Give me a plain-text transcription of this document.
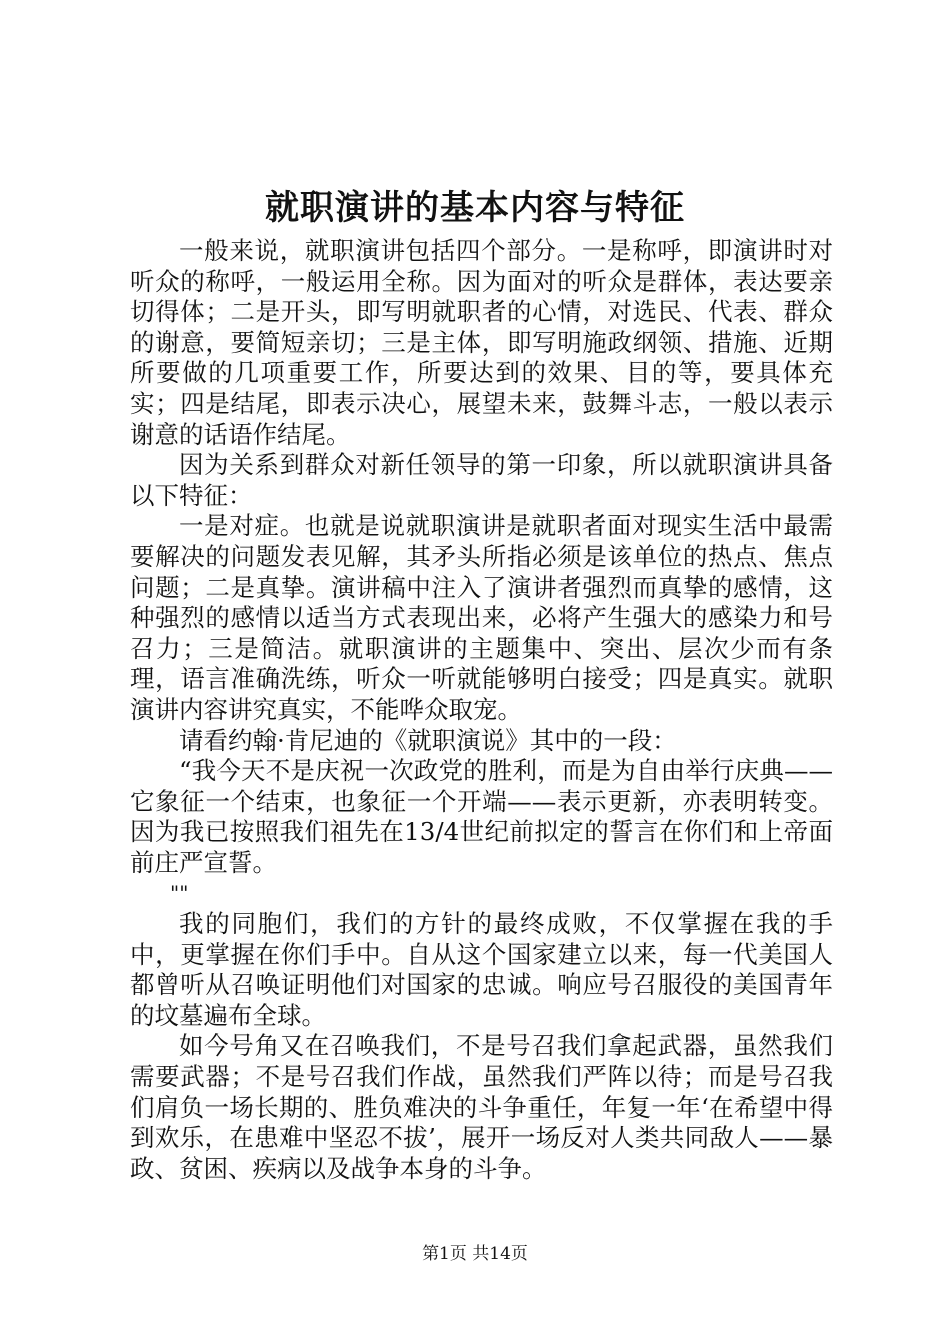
就职演讲的基本内容与特征

一般来说，就职演讲包括四个部分。一是称呼，即演讲时对听众的称呼，一般运用全称。因为面对的听众是群体，表达要亲切得体；二是开头，即写明就职者的心情，对选民、代表、群众的谢意，要简短亲切；三是主体，即写明施政纲领、措施、近期所要做的几项重要工作，所要达到的效果、目的等，要具体充实；四是结尾，即表示决心，展望未来，鼓舞斗志，一般以表示谢意的话语作结尾。

因为关系到群众对新任领导的第一印象，所以就职演讲具备以下特征：

一是对症。也就是说就职演讲是就职者面对现实生活中最需要解决的问题发表见解，其矛头所指必须是该单位的热点、焦点问题；二是真挚。演讲稿中注入了演讲者强烈而真挚的感情，这种强烈的感情以适当方式表现出来，必将产生强大的感染力和号召力；三是简洁。就职演讲的主题集中、突出、层次少而有条理，语言准确洗练，听众一听就能够明白接受；四是真实。就职演讲内容讲究真实，不能哗众取宠。

请看约翰·肯尼迪的《就职演说》其中的一段：

“我今天不是庆祝一次政党的胜利，而是为自由举行庆典——它象征一个结束，也象征一个开端——表示更新，亦表明转变。因为我已按照我们祖先在13/4世纪前拟定的誓言在你们和上帝面前庄严宣誓。

""

我的同胞们，我们的方针的最终成败，不仅掌握在我的手中，更掌握在你们手中。自从这个国家建立以来，每一代美国人都曾听从召唤证明他们对国家的忠诚。响应号召服役的美国青年的坟墓遍布全球。

如今号角又在召唤我们，不是号召我们拿起武器，虽然我们需要武器；不是号召我们作战，虽然我们严阵以待；而是号召我们肩负一场长期的、胜负难决的斗争重任，年复一年‘在希望中得到欢乐，在患难中坚忍不拔’，展开一场反对人类共同敌人——暴政、贫困、疾病以及战争本身的斗争。

第1页 共14页
